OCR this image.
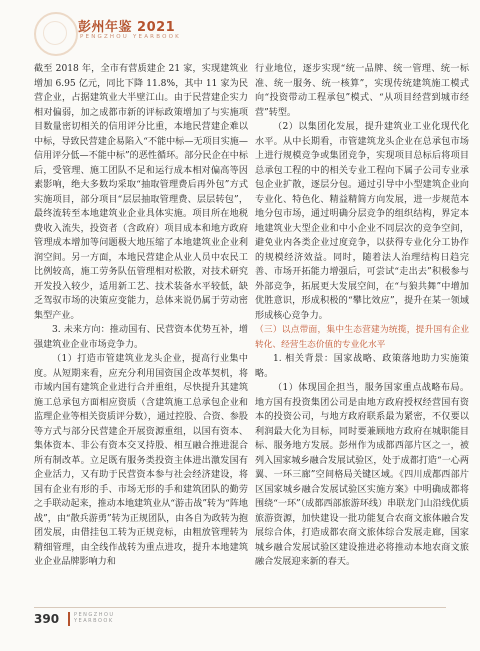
彭州年鉴 2021
PENGZHOU YEARBOOK

截至 2018 年，全市有营质建企 21 家，实现建筑业增加 6.95 亿元，同比下降 11.8%，其中 11 家为民营企业，占据建筑业大半壁江山。由于民营建企实力相对偏弱，加之成都市新的评标政策增加了与实施项目数量密切相关的信用评分比重，本地民营建企难以中标，导致民营建企易陷入“不能中标—无项目实施—信用评分低—不能中标”的恶性循环。部分民企在中标后，受管理、施工团队不足和运行成本相对偏高等因素影响，绝大多数均采取“抽取管理费后再外包”方式实施项目，部分项目“层层抽取管理费、层层转包”，最终流转至本地建筑业企业具体实施。项目所在地税费收入流失，投资者（含政府）项目成本和地方政府管理成本增加等问题极大地压缩了本地建筑业企业利润空间。另一方面，本地民营建企从业人员中农民工比例较高，施工劳务队伍管理相对松散，对技术研究开发投入较少，适用新工艺、技术装备水平较低，缺乏驾驭市场的决策应变能力，总体来说仍属于劳动密集型产业。

3. 未来方向：推动国有、民营资本优势互补，增强建筑业企业市场竞争力。

（1）打造市管建筑业龙头企业，提高行业集中度。从短期来看，应充分利用国资国企改革契机，将市域内国有建筑企业进行合并重组，尽快提升其建筑施工总承包方面相应资质（含建筑施工总承包企业和监理企业等相关资质评分数），通过控股、合资、参股等方式与部分民营建企开展资源重组，以国有资本、集体资本、非公有资本交叉持股、相互融合推进混合所有制改革。立足既有服务类投资主体进出激发国有企业活力，又有助于民营资本参与社会经济建设，将国有企业有形的手、市场无形的手和建筑团队的勤劳之手联动起来，推动本地建筑业从“游击战”转为“阵地战”，由“散兵游勇”转为正规团队，由各自为政转为抱团发展，由借挂包工转为正规竞标，由粗放管理转为精细管理，由全线作战转为重点进攻，提升本地建筑业企业品牌影响力和

行业地位，逐步实现“统一品牌、统一管理、统一标准、统一服务、统一核算”，实现传统建筑施工模式向“投资带动工程承包”模式、“从项目经营到城市经营”转型。

（2）以集团化发展，提升建筑业工业化现代化水平。从中长期看，市管建筑龙头企业在总承包市场上进行规模竞争或集团竞争，实现项目总标后将项目总承包工程的中的相关专业工程向下属子公司专业承包企业扩散，逐层分包。通过引导中小型建筑企业向专业化、特色化、精益精简方向发展，进一步规范本地分包市场，通过明确分层竞争的组织结构，界定本地建筑业大型企业和中小企业不同层次的竞争空间，避免业内各类企业过度竞争，以获得专业化分工协作的规模经济效益。同时，随着法人治理结构日趋完善、市场开拓能力增强后，可尝试“走出去”积极参与外部竞争，拓展更大发展空间，在“与狼共舞”中增加优胜意识，形成积极的“攀比效应”，提升在某一领域形成核心竞争力。

（三）以点带面，集中生态营建为统揽，提升国有企业转化、经营生态价值的专业化水平

1. 相关背景：国家战略、政策落地助力实施策略。

（1）体现国企担当，服务国家重点战略布局。地方国有投资集团公司是由地方政府授权经营国有资本的投资公司，与地方政府联系最为紧密，不仅要以利润最大化为目标，同时要兼顾地方政府在城职能目标、服务地方发展。彭州作为成都西部片区之一，被列入国家城乡融合发展试验区，处于成都打造“一心两翼、一环三廊”空间格局关键区域。《四川成都西部片区国家城乡融合发展试验区实施方案》中明确成都将围绕“一环”（成都西部旅游环线）串联龙门山沿线优质旅游资源，加快建设一批功能复合农商文旅体融合发展综合体，打造成都农商文旅体综合发展走廊，国家城乡融合发展试验区建设推进必将推动本地农商文旅融合发展迎来新的春天。

390	PENGZHOU
YEARBOOK
